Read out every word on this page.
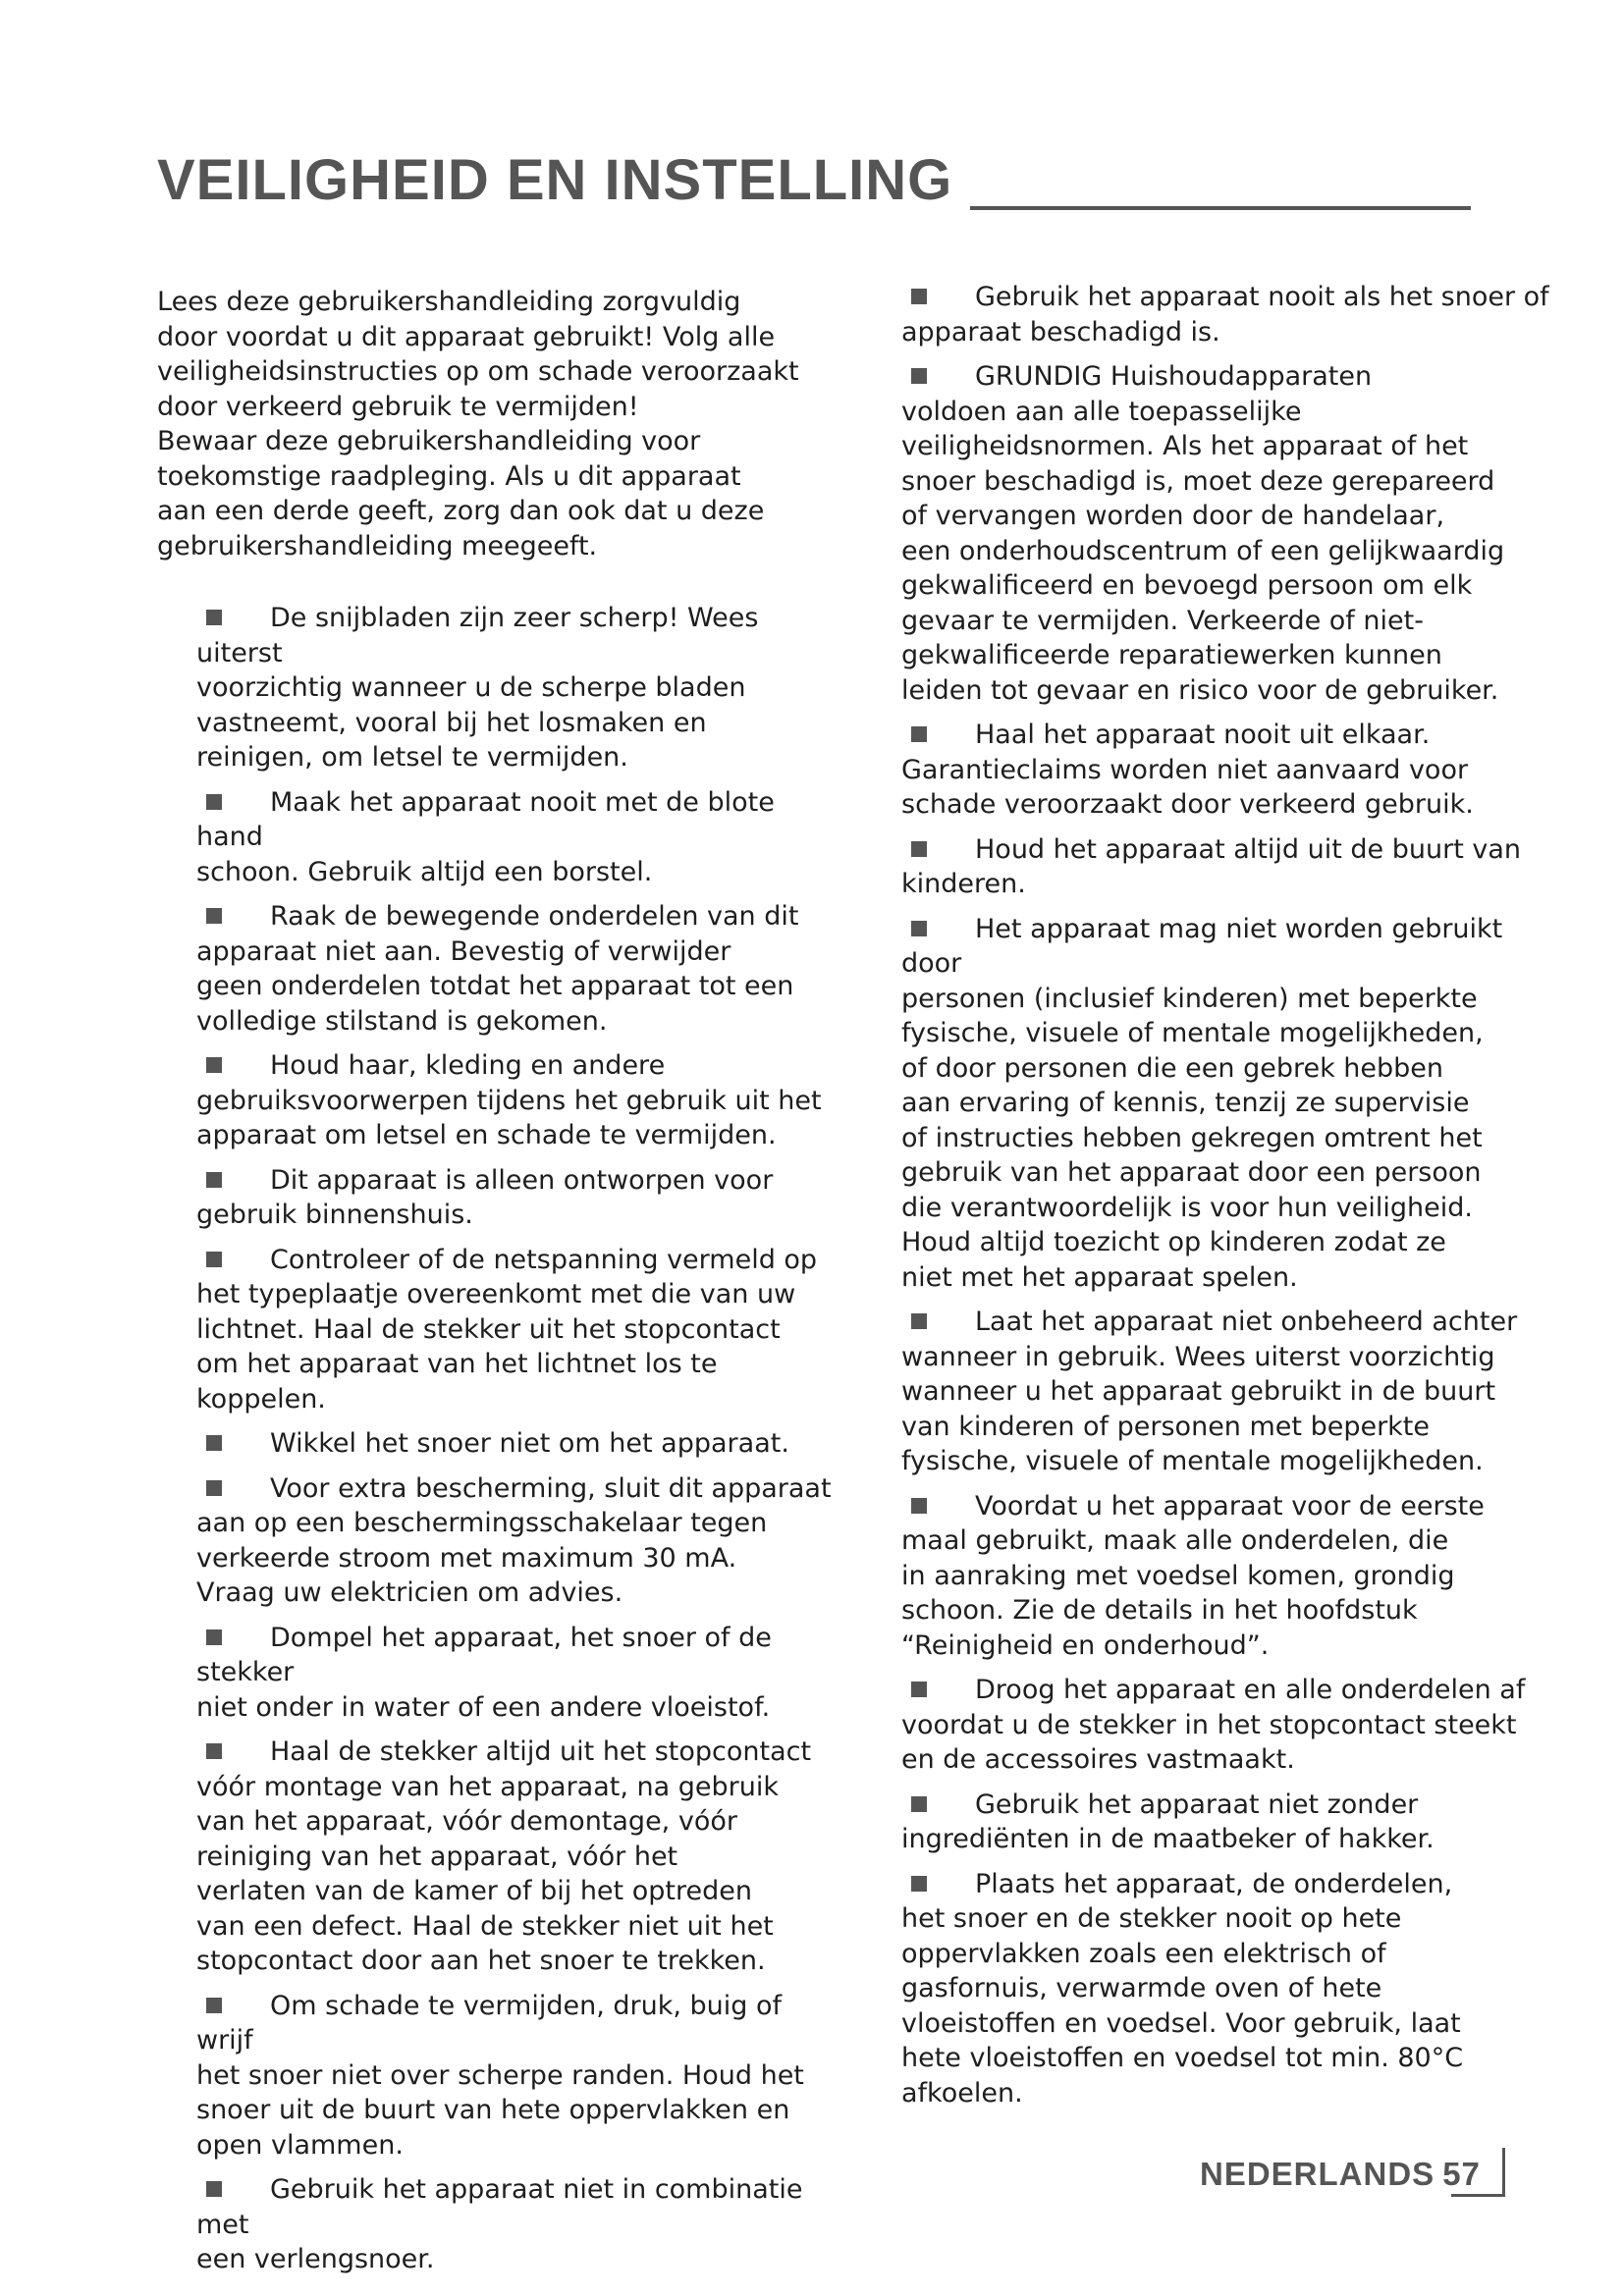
VEILIGHEID EN INSTELLING
Lees deze gebruikershandleiding zorgvuldig
door voordat u dit apparaat gebruikt! Volg alle
veiligheidsinstructies op om schade veroorzaakt
door verkeerd gebruik te vermijden!
Bewaar deze gebruikershandleiding voor
toekomstige raadpleging. Als u dit apparaat
aan een derde geeft, zorg dan ook dat u deze
gebruikershandleiding meegeeft.
De snijbladen zijn zeer scherp! Wees uiterst
voorzichtig wanneer u de scherpe bladen
vastneemt, vooral bij het losmaken en
reinigen, om letsel te vermijden.
Maak het apparaat nooit met de blote hand
schoon. Gebruik altijd een borstel.
Raak de bewegende onderdelen van dit
apparaat niet aan. Bevestig of verwijder
geen onderdelen totdat het apparaat tot een
volledige stilstand is gekomen.
Houd haar, kleding en andere
gebruiksvoorwerpen tijdens het gebruik uit het
apparaat om letsel en schade te vermijden.
Dit apparaat is alleen ontworpen voor
gebruik binnenshuis.
Controleer of de netspanning vermeld op
het typeplaatje overeenkomt met die van uw
lichtnet. Haal de stekker uit het stopcontact
om het apparaat van het lichtnet los te
koppelen.
Wikkel het snoer niet om het apparaat.
Voor extra bescherming, sluit dit apparaat
aan op een beschermingsschakelaar tegen
verkeerde stroom met maximum 30 mA.
Vraag uw elektricien om advies.
Dompel het apparaat, het snoer of de stekker
niet onder in water of een andere vloeistof.
Haal de stekker altijd uit het stopcontact
vóór montage van het apparaat, na gebruik
van het apparaat, vóór demontage, vóór
reiniging van het apparaat, vóór het
verlaten van de kamer of bij het optreden
van een defect. Haal de stekker niet uit het
stopcontact door aan het snoer te trekken.
Om schade te vermijden, druk, buig of wrijf
het snoer niet over scherpe randen. Houd het
snoer uit de buurt van hete oppervlakken en
open vlammen.
Gebruik het apparaat niet in combinatie met
een verlengsnoer.
Gebruik het apparaat nooit als het snoer of
apparaat beschadigd is.
GRUNDIG Huishoudapparaten
voldoen aan alle toepasselijke
veiligheidsnormen. Als het apparaat of het
snoer beschadigd is, moet deze gerepareerd
of vervangen worden door de handelaar,
een onderhoudscentrum of een gelijkwaardig
gekwalificeerd en bevoegd persoon om elk
gevaar te vermijden. Verkeerde of niet-
gekwalificeerde reparatiewerken kunnen
leiden tot gevaar en risico voor de gebruiker.
Haal het apparaat nooit uit elkaar.
Garantieclaims worden niet aanvaard voor
schade veroorzaakt door verkeerd gebruik.
Houd het apparaat altijd uit de buurt van
kinderen.
Het apparaat mag niet worden gebruikt door
personen (inclusief kinderen) met beperkte
fysische, visuele of mentale mogelijkheden,
of door personen die een gebrek hebben
aan ervaring of kennis, tenzij ze supervisie
of instructies hebben gekregen omtrent het
gebruik van het apparaat door een persoon
die verantwoordelijk is voor hun veiligheid.
Houd altijd toezicht op kinderen zodat ze
niet met het apparaat spelen.
Laat het apparaat niet onbeheerd achter
wanneer in gebruik. Wees uiterst voorzichtig
wanneer u het apparaat gebruikt in de buurt
van kinderen of personen met beperkte
fysische, visuele of mentale mogelijkheden.
Voordat u het apparaat voor de eerste
maal gebruikt, maak alle onderdelen, die
in aanraking met voedsel komen, grondig
schoon. Zie de details in het hoofdstuk
“Reinigheid en onderhoud”.
Droog het apparaat en alle onderdelen af
voordat u de stekker in het stopcontact steekt
en de accessoires vastmaakt.
Gebruik het apparaat niet zonder
ingrediënten in de maatbeker of hakker.
Plaats het apparaat, de onderdelen,
het snoer en de stekker nooit op hete
oppervlakken zoals een elektrisch of
gasfornuis, verwarmde oven of hete
vloeistoffen en voedsel. Voor gebruik, laat
hete vloeistoffen en voedsel tot min. 80°C
afkoelen.
NEDERLANDS 57
